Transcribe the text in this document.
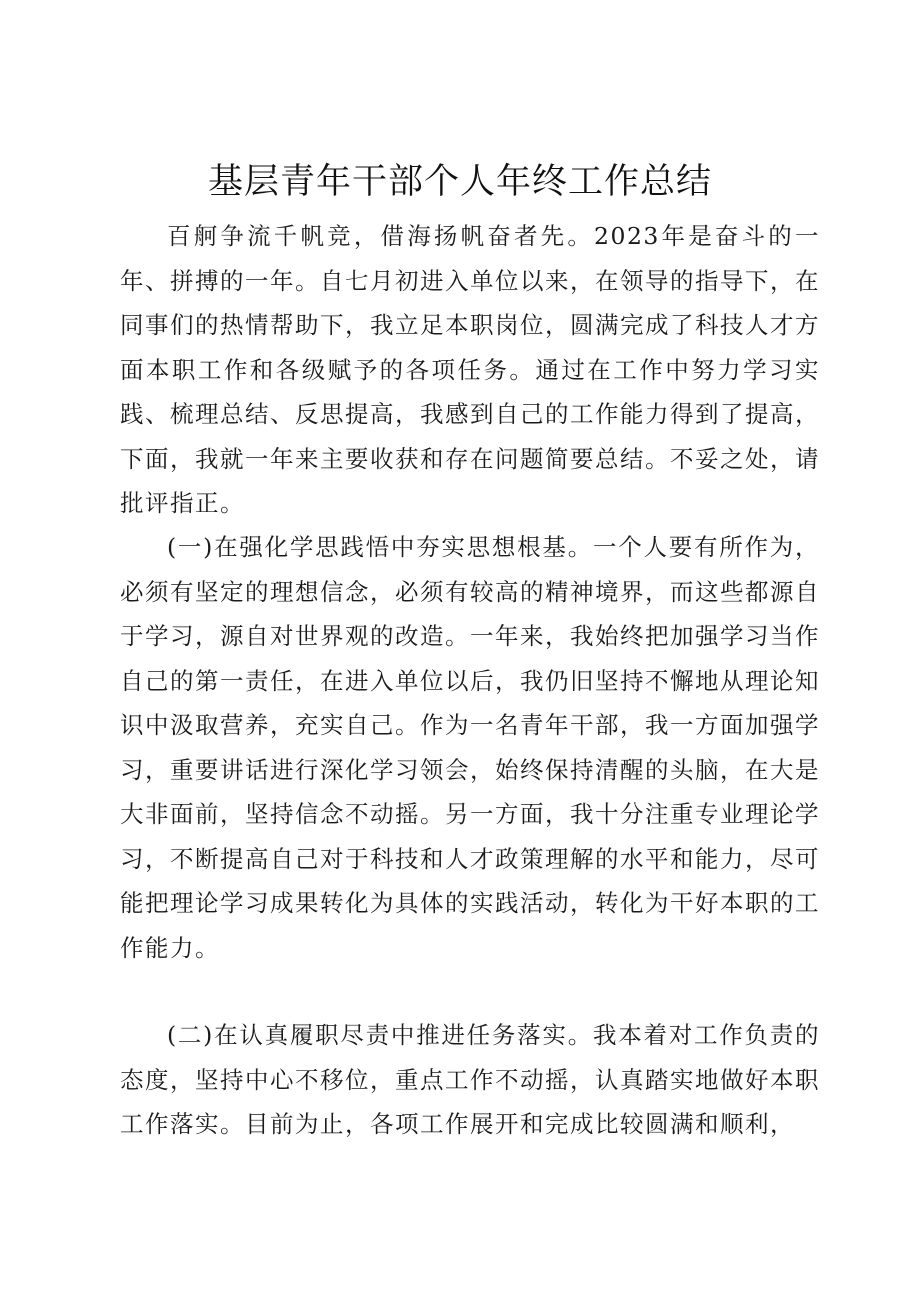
基层青年干部个人年终工作总结

百舸争流千帆竞，借海扬帆奋者先。2023年是奋斗的一年、拼搏的一年。自七月初进入单位以来，在领导的指导下，在同事们的热情帮助下，我立足本职岗位，圆满完成了科技人才方面本职工作和各级赋予的各项任务。通过在工作中努力学习实践、梳理总结、反思提高，我感到自己的工作能力得到了提高，下面，我就一年来主要收获和存在问题简要总结。不妥之处，请批评指正。

(一)在强化学思践悟中夯实思想根基。一个人要有所作为，必须有坚定的理想信念，必须有较高的精神境界，而这些都源自于学习，源自对世界观的改造。一年来，我始终把加强学习当作自己的第一责任，在进入单位以后，我仍旧坚持不懈地从理论知识中汲取营养，充实自己。作为一名青年干部，我一方面加强学习，重要讲话进行深化学习领会，始终保持清醒的头脑，在大是大非面前，坚持信念不动摇。另一方面，我十分注重专业理论学习，不断提高自己对于科技和人才政策理解的水平和能力，尽可能把理论学习成果转化为具体的实践活动，转化为干好本职的工作能力。

(二)在认真履职尽责中推进任务落实。我本着对工作负责的态度，坚持中心不移位，重点工作不动摇，认真踏实地做好本职工作落实。目前为止，各项工作展开和完成比较圆满和顺利，
